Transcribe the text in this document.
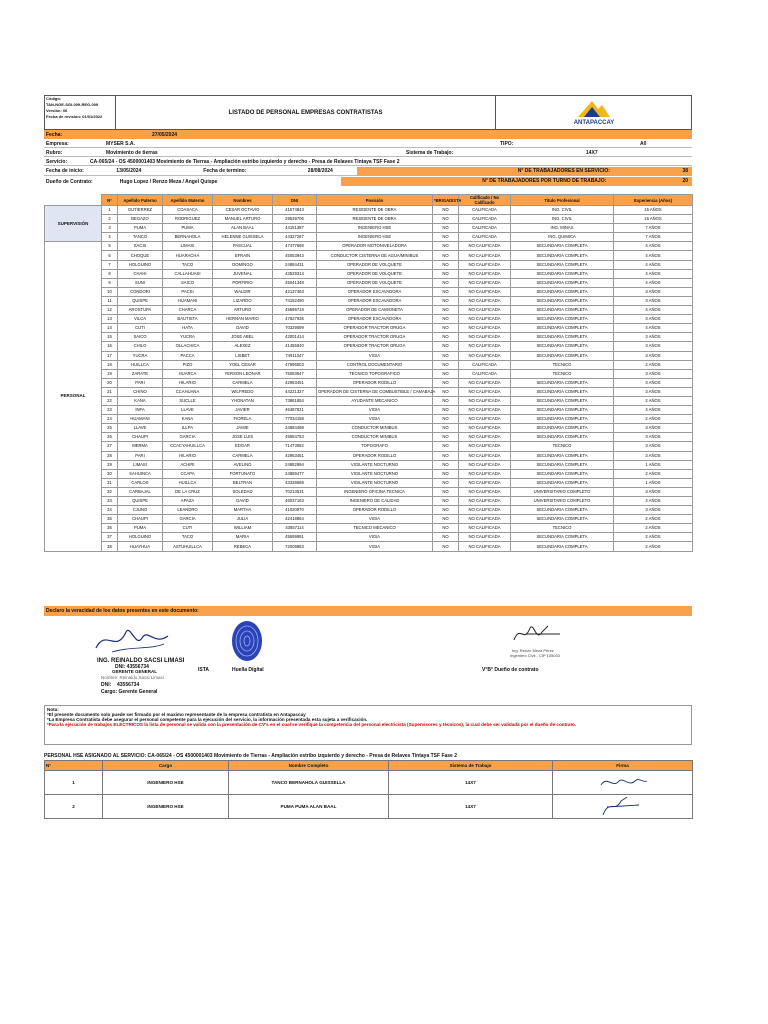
Código:
TAN-NGE-SGI-009-REG-009
Versión: 06
Fecha de revisión: 01/01/2022
LISTADO DE PERSONAL EMPRESAS CONTRATISTAS
ANTAPACCAY
Fecha:	27/05/2024
Empresa:	MYSER S.A.	TIPO:	A0
Rubro:	Movimiento de tierras	Sistema de Trabajo:	14X7
Servicio:	CA-065/24 - OS 4500001403 Movimiento de Tierras - Ampliación estribo izquierdo y derecho - Presa de Relaves Tintaya TSF Fase 2
Fecha de inicio:	13/05/2024	Fecha de termino:	28/08/2024	N° DE TRABAJADORES EN SERVICIO:	38
Dueño de Contrato:	Hugo Lopez / Renzo Meza / Angel Quispe	N° DE TRABAJADORES POR TURNO DE TRABAJO:	20
	N°	Apellido Paterno	Apellido Materno	Nombres	DNI	Posición	*BRIGADISTA	Calificado / No Calificado	Título Profesional	Experiencia (Años)
SUPERVISIÓN	1	GUTIERREZ	COASACA	CESAR OCTAVIO	41574843	RESIDENTE DE OBRA	NO	CALIFICADA	ING. CIVIL	15 AÑOS
	2	BEGAZO	RODRIGUEZ	MANUEL ARTURO	29539706	RESIDENTE DE OBRA	NO	CALIFICADA	ING. CIVIL	15 AÑOS
	3	PUMA	PUMA	ALAN BAAL	44151387	INGENIERO HSE	NO	CALIFICADA	ING. MINAS	7 AÑOS
	4	TANCO	BERNAHOLA	HELENNE GUISSELA	44327267	INGENIERO HSE	NO	CALIFICADA	ING. QUIMICA	7 AÑOS
PERSONAL	5	SACSI	LIMASI	PASCUAL	47477668	OPERADOR MOTONIVELADORA	NO	NO CALIFICADA	SECUNDARIA COMPLETA	4 AÑOS
	6	CHOQUE	HUARACHA	EFRAIN	45053943	CONDUCTOR CISTERNA DE AGUA/MINIBUS	NO	NO CALIFICADA	SECUNDARIA COMPLETA	4 AÑOS
	7	HOLGUINO	TACO	DOMINGO	24884431	OPERADOR DE VOLQUETE	NO	NO CALIFICADA	SECUNDARIA COMPLETA	4 AÑOS
	8	CHAHI	CALLAHUASI	JUVENAL	43529314	OPERADOR DE VOLQUETE	NO	NO CALIFICADA	SECUNDARIA COMPLETA	4 AÑOS
	9	SUNI	SAICO	PORFIRIO	45041348	OPERADOR DE VOLQUETE	NO	NO CALIFICADA	SECUNDARIA COMPLETA	4 AÑOS
	10	CONDORI	PACSI	WALDIR	42137463	OPERADOR EXCAVADORA	NO	NO CALIFICADA	SECUNDARIA COMPLETA	3 AÑOS
	11	QUISPE	HUAMANI	LIZARDO	74152490	OPERADOR EXCAVADORA	NO	NO CALIFICADA	SECUNDARIA COMPLETA	3 AÑOS
	12	AROSTUPA	CHARCA	ARTURO	45699718	OPERADOR DE CAMIONETA	NO	NO CALIFICADA	SECUNDARIA COMPLETA	4 AÑOS
	13	VILCA	BAUTISTA	HERNAN MARIO	47627936	OPERADOR EXCAVADORA	NO	NO CALIFICADA	SECUNDARIA COMPLETA	3 AÑOS
	14	CUTI	HATA	DAVID	70329099	OPERADOR TRACTOR ORUGA	NO	NO CALIFICADA	SECUNDARIA COMPLETA	4 AÑOS
	15	SAICO	YUCRA	JOSE ABEL	42001414	OPERADOR TRACTOR ORUGA	NO	NO CALIFICADA	SECUNDARIA COMPLETA	3 AÑOS
	16	CHILO	OLLACHICA	ALEXEZ	41455940	OPERADOR TRACTOR ORUGA	NO	NO CALIFICADA	SECUNDARIA COMPLETA	3 AÑOS
	17	YUCRA	PACCA	LISBET	74911347	VIGIA	NO	NO CALIFICADA	SECUNDARIA COMPLETA	3 AÑOS
	18	HUILLCA	PIZO	YOEL CESAR	47696503	CONTROL DOCUMENTARIO	NO	CALIFICADA	TECNICO	2 AÑOS
	19	ZARATE	HUARCA	YERSON LEONAR	75083647	TECNICO TOPOGRAFICO	NO	CALIFICADA	TECNICO	3 AÑOS
	20	PARI	HILARIO	CARMELA	42953451	OPERADOR RODILLO	NO	NO CALIFICADA	SECUNDARIA COMPLETA	3 AÑOS
	21	CHINO	CCAHUANA	WILFREDO	44221327	OPERADOR DE CISTERNA DE COMBUSTIBLE / CAMABAJA	NO	NO CALIFICADA	SECUNDARIA COMPLETA	3 AÑOS
	22	KANA	SUCLLE	YHONATAN	73861854	AYUDANTE MECANICO	NO	NO CALIFICADA	SECUNDARIA COMPLETA	2 AÑOS
	23	INFA	LLAVE	JAVIER	46487821	VIGIA	NO	NO CALIFICADA	SECUNDARIA COMPLETA	4 AÑOS
	24	HUAMANI	KANA	FIORELA	77034158	VIGIA	NO	NO CALIFICADA	SECUNDARIA COMPLETA	2 AÑOS
	25	LLAVE	ILLPA	JAIME	24884498	CONDUCTOR MINIBUS	NO	NO CALIFICADA	SECUNDARIA COMPLETA	3 AÑOS
	26	CHAUPI	GARCIA	JOSE LUIS	45654753	CONDUCTOR MINIBUS	NO	NO CALIFICADA	SECUNDARIA COMPLETA	3 AÑOS
	27	MERMA	CCACYAHUILLCA	EDGAR	71473082	TOPOGRAFO	NO	NO CALIFICADA	TECNICO	3 AÑOS
	28	PARI	HILARIO	CARMELA	42953451	OPERADOR RODILLO	NO	NO CALIFICADA	SECUNDARIA COMPLETA	3 AÑOS
	29	LIMASI	ACHIRI	AVELINO	24882894	VIGILANTE NOCTURNO	NO	NO CALIFICADA	SECUNDARIA COMPLETA	1 AÑOS
	30	SAHUINCA	CCAPA	FORTUNATO	24889477	VIGILANTE NOCTURNO	NO	NO CALIFICADA	SECUNDARIA COMPLETA	2 AÑOS
	31	CARLOS	HUILLCA	BELTRAN	43326668	VIGILANTE NOCTURNO	NO	NO CALIFICADA	SECUNDARIA COMPLETA	1 AÑOS
	32	CARBAJAL	DE LA CRUZ	SOLEDAD	70213531	INGENIERO OFICINA TECNICA	NO	NO CALIFICADA	UNIVERSITARIO COMPLETO	3 AÑOS
	33	QUISPE	APAZA	DAVID	46037163	INGENIERO DE CALIDAD	NO	NO CALIFICADA	UNIVERSITARIO COMPLETO	4 AÑOS
	34	CJUNO	LEANDRO	MARTHA	41020970	OPERADOR RODILLO	NO	NO CALIFICADA	SECUNDARIA COMPLETA	3 AÑOS
	35	CHAUPI	GARCIA	JULIA	42418864	VIGIA	NO	NO CALIFICADA	SECUNDARIA COMPLETA	2 AÑOS
	36	PUMA	CUTI	WILLIAM	43857114	TECNICO MECANICO	NO	NO CALIFICADA	TECNICO	2 AÑOS
	37	HOLGUINO	TACO	MARIA	45699991	VIGIA	NO	NO CALIFICADA	SECUNDARIA COMPLETA	2 AÑOS
	38	HUAYHUA	ASTUHUILLCA	REBECA	72009883	VIGIA	NO	NO CALIFICADA	SECUNDARIA COMPLETA	2 AÑOS
Declaro la veracidad de los datos presentes en este documento:
ING. REINALDO SACSI LIMASI
DNI: 43556734
GERENTE GENERAL	ISTA
Nombre: Reinaldo Sacsi Limasi
DNI: 43556734
Cargo: Gerente General
Huella Digital
Ing. Renzo Meza Pérez
Ingeniero Civil - CIP 105033
V°B° Dueño de contrato
Nota:
*El presente documento solo puede ser firmado por el maximo representante de la empresa contratista en Antapaccay
*La Empresa Contratista debe asegurar el personal competente para la ejecución del servicio, la información presentada esta sujeta a verificación.
*Para la ejecución de trabajos ELÉCTRICOS la lista de personal se valida con la presentación de CV's en el cual se verifique la competencia del personal electricista (Supervisores y técnicos), la cual debe ser validada por el dueño de contrato.
PERSONAL HSE ASIGNADO AL SERVICIO: CA-065/24 - OS 4500001403 Movimiento de Tierras - Ampliación estribo izquierdo y derecho - Presa de Relaves Tintaya TSF Fase 2
N°	Cargo	Nombre Completo	Sistema de Trabajo	Firma
1	INGENIERO HSE	TANCO BERNAHOLA GUISSELLA	14X7	
2	INGENIERO HSE	PUMA PUMA ALAN BAAL	14X7	
